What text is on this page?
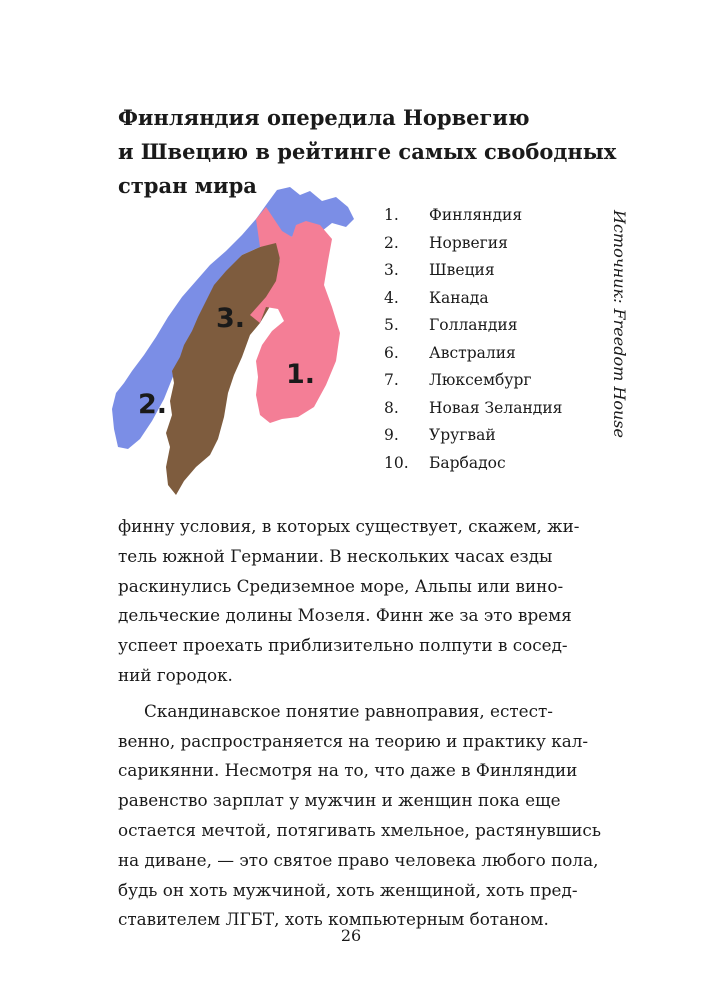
Финляндия опередила Норвегию
и Швецию в рейтинге самых свободных
стран мира
1.
2.
3.
1.	Финляндия
2.	Норвегия
3.	Швеция
4.	Канада
5.	Голландия
6.	Австралия
7.	Люксембург
8.	Новая Зеландия
9.	Уругвай
10.	Барбадос
Источник: Freedom House
финну условия, в которых существует, скажем, жи-
тель южной Германии. В нескольких часах езды
раскинулись Средиземное море, Альпы или вино-
дельческие долины Мозеля. Финн же за это время
успеет проехать приблизительно полпути в сосед-
ний городок.
Скандинавское понятие равноправия, естест-
венно, распространяется на теорию и практику кал-
сарикянни. Несмотря на то, что даже в Финляндии
равенство зарплат у мужчин и женщин пока еще
остается мечтой, потягивать хмельное, растянувшись
на диване, — это святое право человека любого пола,
будь он хоть мужчиной, хоть женщиной, хоть пред-
ставителем ЛГБТ, хоть компьютерным ботаном.
26
